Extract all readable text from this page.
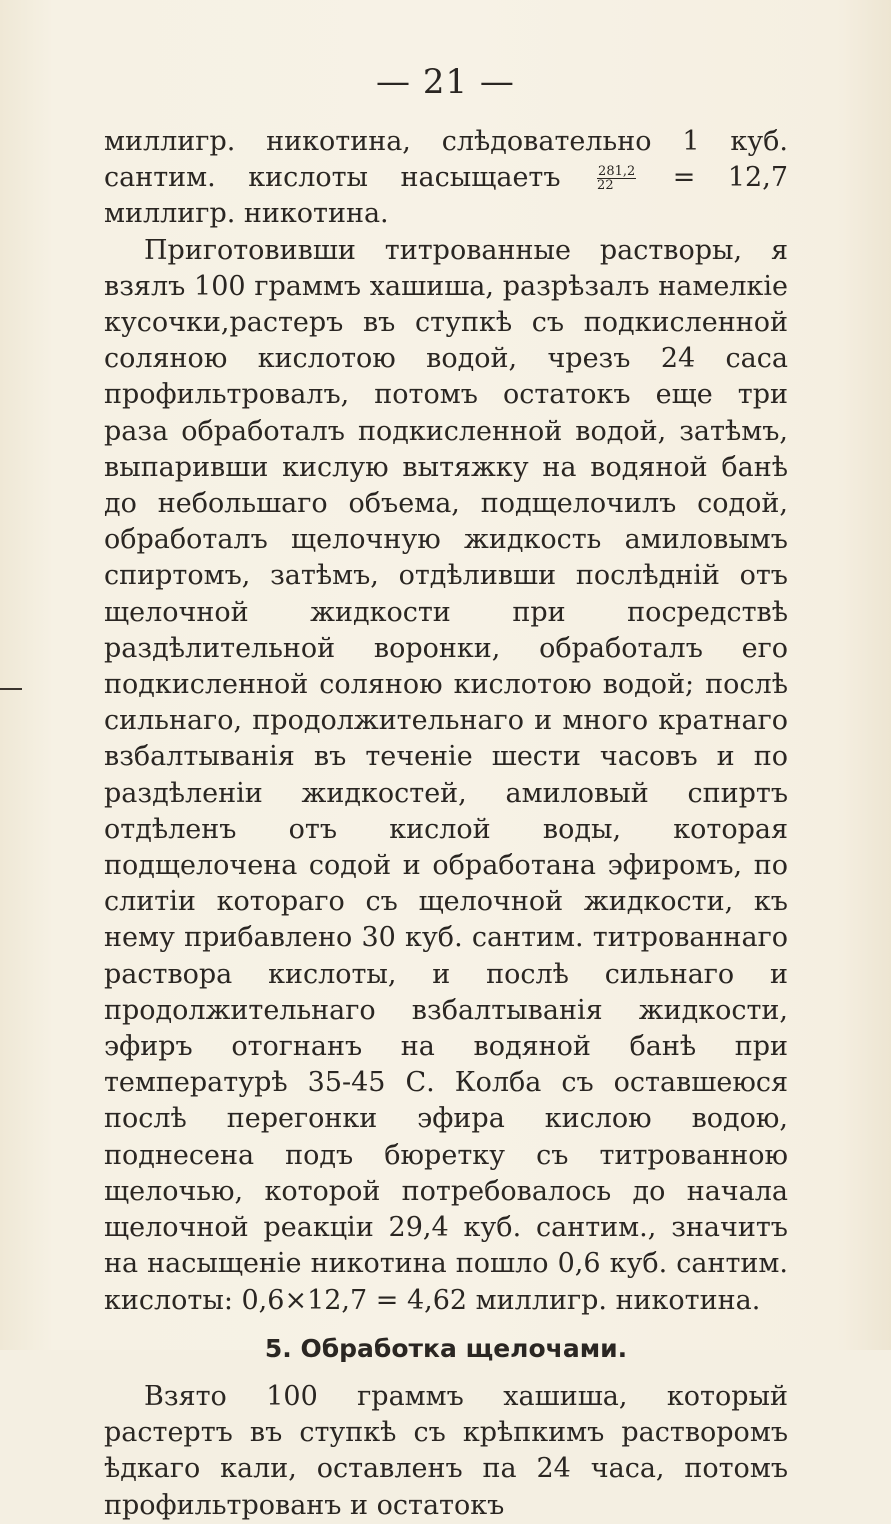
— 21 —

миллигр. никотина, слѣдовательно 1 куб. сантим. кислоты насыщаетъ	$\frac{281,2}{22} = 12,7$ миллигр. никотина.

Приготовивши титрованные растворы, я взялъ 100 граммъ хашиша, разрѣзалъ намелкіе кусочки,растеръ въ ступкѣ съ подкисленной соляною кислотою водой, чрезъ 24 саса профильтровалъ, потомъ остатокъ еще три раза обработалъ подкисленной водой, затѣмъ, выпаривши кислую вытяжку на водяной банѣ до небольшаго объема, подщелочилъ содой, обработалъ щелочную жидкость амиловымъ спиртомъ, затѣмъ, отдѣливши послѣдній отъ щелочной жидкости при посредствѣ раздѣлительной воронки, обработалъ его подкисленной соляною кислотою водой; послѣ сильнаго, продолжительнаго и много кратнаго взбалтыванія въ теченіе шести часовъ и по раздѣленіи жидкостей, амиловый спиртъ отдѣленъ отъ кислой воды, которая подщелочена содой и обработана эфиромъ, по слитіи котораго съ щелочной жидкости, къ нему прибавлено 30 куб. сантим. титрованнаго раствора кислоты, и послѣ сильнаго и продолжительнаго взбалтыванія жидкости, эфиръ отогнанъ на водяной банѣ при температурѣ 35-45 С. Колба съ оставшеюся послѣ перегонки эфира кислою водою, поднесена подъ бюретку съ титрованною щелочью, которой потребовалось до начала щелочной реакціи 29,4 куб. сантим., значитъ на насыщеніе никотина пошло 0,6 куб. сантим. кислоты: 0,6×12,7 = 4,62 миллигр. никотина.

5. Обработка щелочами.

Взято 100 граммъ хашиша, который растертъ въ ступкѣ съ крѣпкимъ растворомъ ѣдкаго кали, оставленъ па 24 часа, потомъ профильтрованъ и остатокъ
